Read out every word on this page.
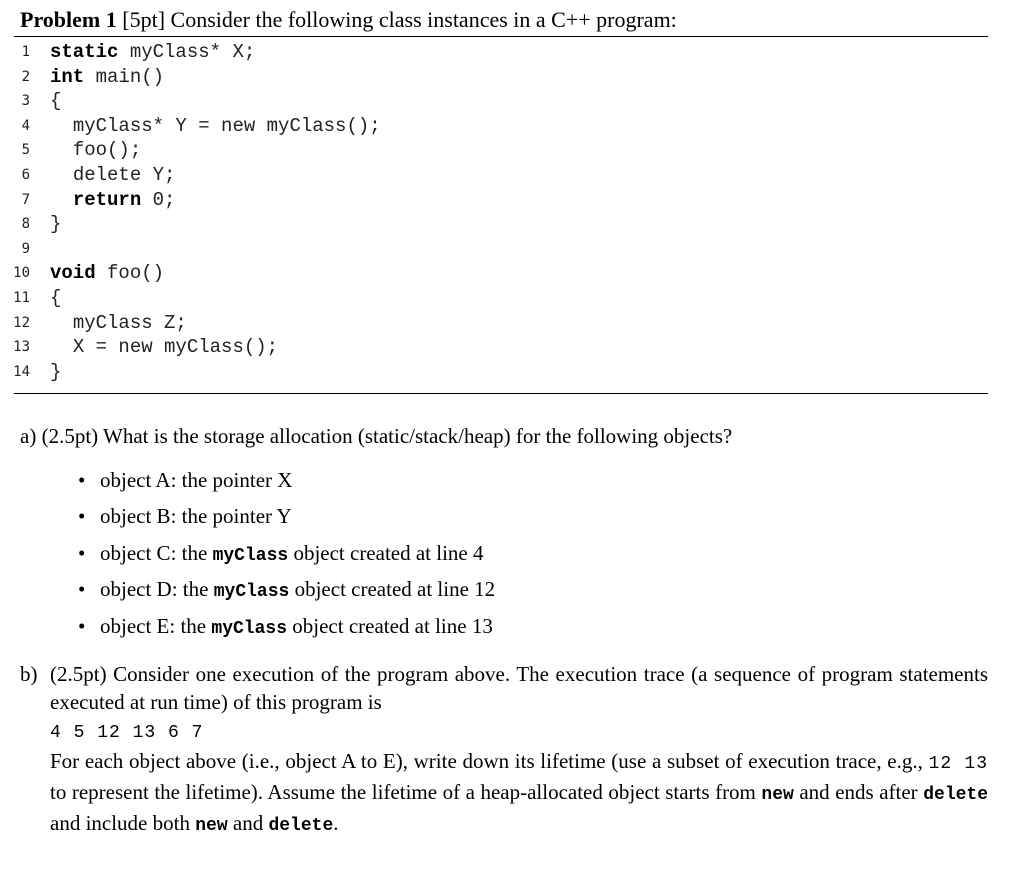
Problem 1 [5pt] Consider the following class instances in a C++ program:
1 static myClass* X;
2 int main()
3 {
4	myClass* Y = new myClass();
5	foo();
6	delete Y;
7	return 0;
8 }
9
10 void foo()
11 {
12	myClass Z;
13	X = new myClass();
14 }
a) (2.5pt) What is the storage allocation (static/stack/heap) for the following objects?
• object A: the pointer X
• object B: the pointer Y
• object C: the myClass object created at line 4
• object D: the myClass object created at line 12
• object E: the myClass object created at line 13
b) (2.5pt) Consider one execution of the program above. The execution trace (a sequence of program statements executed at run time) of this program is

4 5 12 13 6 7

For each object above (i.e., object A to E), write down its lifetime (use a subset of execution trace, e.g., 12 13 to represent the lifetime). Assume the lifetime of a heap-allocated object starts from new and ends after delete and include both new and delete.
